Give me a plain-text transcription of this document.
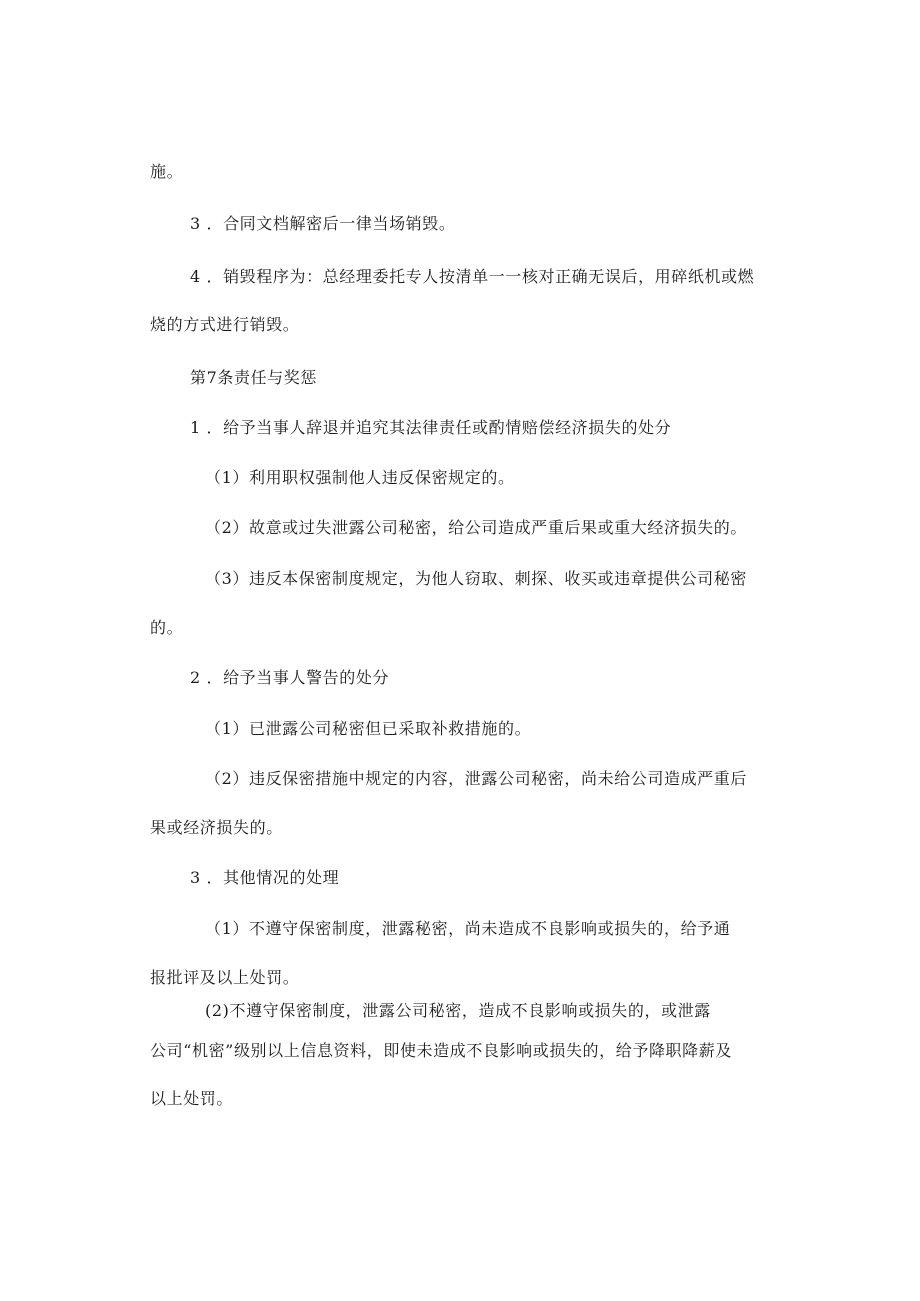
施。
3 ．合同文档解密后一律当场销毁。
4 ．销毁程序为：总经理委托专人按清单一一核对正确无误后，用碎纸机或燃
烧的方式进行销毁。
第7条责任与奖惩
1 ．给予当事人辞退并追究其法律责任或酌情赔偿经济损失的处分
（1）利用职权强制他人违反保密规定的。
（2）故意或过失泄露公司秘密，给公司造成严重后果或重大经济损失的。
（3）违反本保密制度规定，为他人窃取、刺探、收买或违章提供公司秘密
的。
2 ．给予当事人警告的处分
（1）已泄露公司秘密但已采取补救措施的。
（2）违反保密措施中规定的内容，泄露公司秘密，尚未给公司造成严重后
果或经济损失的。
3 ．其他情况的处理
（1）不遵守保密制度，泄露秘密，尚未造成不良影响或损失的，给予通
报批评及以上处罚。
(2)不遵守保密制度，泄露公司秘密，造成不良影响或损失的，或泄露
公司“机密”级别以上信息资料，即使未造成不良影响或损失的，给予降职降薪及
以上处罚。
